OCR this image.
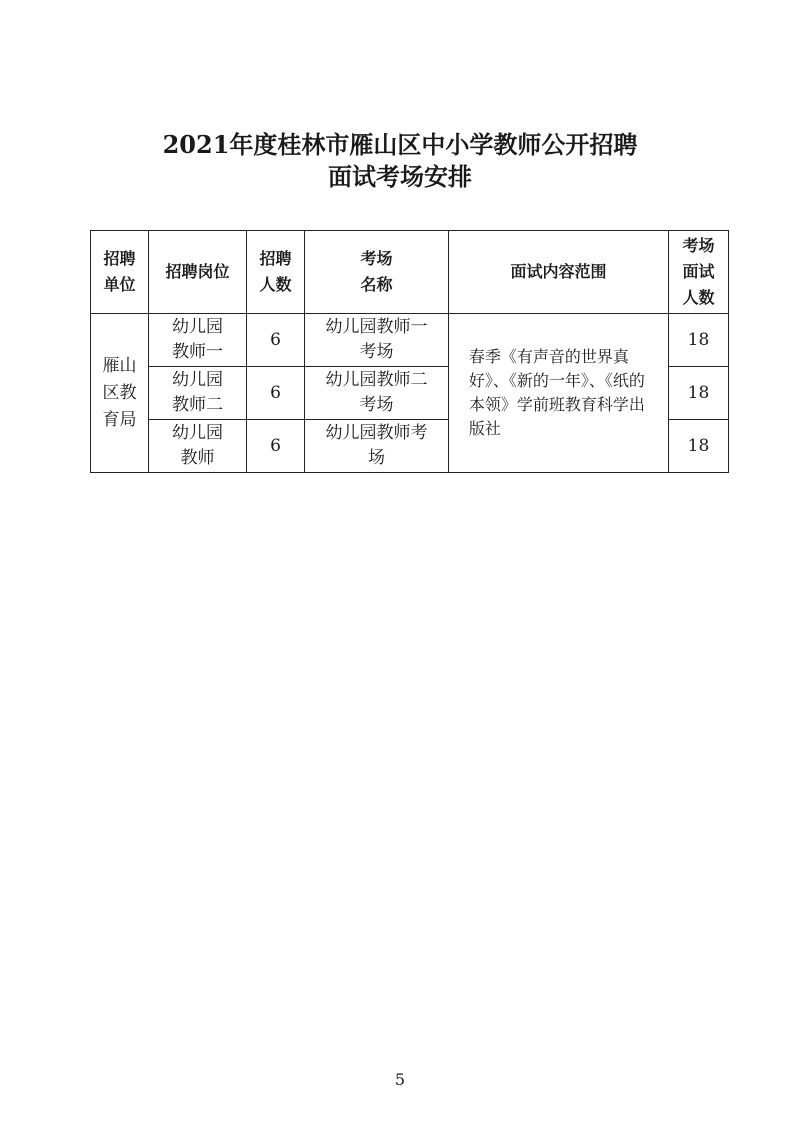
2021年度桂林市雁山区中小学教师公开招聘
面试考场安排
招聘单位	招聘岗位	招聘人数	考场名称	面试内容范围	考场面试人数
雁山区教育局	幼儿园教师一	6	幼儿园教师一考场	春季《有声音的世界真好》、《新的一年》、《纸的本领》学前班教育科学出版社	18
	幼儿园教师二	6	幼儿园教师二考场		18
	幼儿园教师	6	幼儿园教师考场		18
5
